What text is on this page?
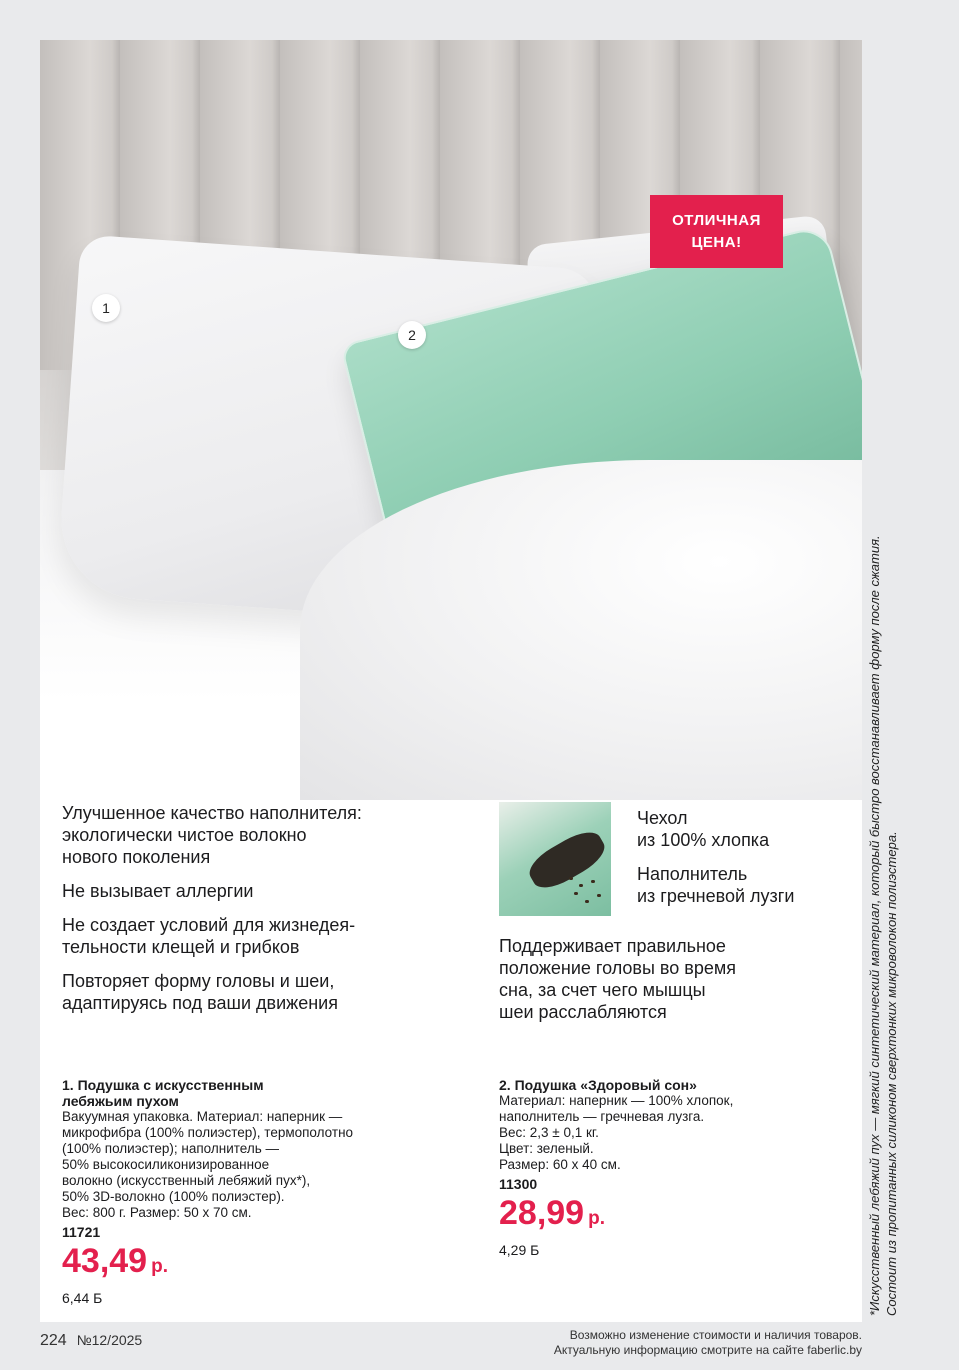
1
2
ОТЛИЧНАЯ
ЦЕНА!

Улучшенное качество наполнителя:
экологически чистое волокно
нового поколения

Не вызывает аллергии

Не создает условий для жизнедея-
тельности клещей и грибков

Повторяет форму головы и шеи,
адаптируясь под ваши движения

Чехол
из 100% хлопка

Наполнитель
из гречневой лузги

Поддерживает правильное
положение головы во время
сна, за счет чего мышцы
шеи расслабляются

1. Подушка с искусственным
лебяжьим пухом

Вакуумная упаковка. Материал: наперник —
микрофибра (100% полиэстер), термополотно
(100% полиэстер); наполнитель —
50% высокосиликонизированное
волокно (искусственный лебяжий пух*),
50% 3D-волокно (100% полиэстер).
Вес: 800 г. Размер: 50 х 70 см.

11721

43,49 р.

6,44 Б

2. Подушка «Здоровый сон»

Материал: наперник — 100% хлопок,
наполнитель — гречневая лузга.
Вес: 2,3 ± 0,1 кг.
Цвет: зеленый.
Размер: 60 х 40 см.

11300

28,99 р.

4,29 Б	*Искусственный лебяжий пух — мягкий синтетический материал, который быстро восстанавливает форму после сжатия.
Состоит из пропитанных силиконом сверхтонких микроволокон полиэстера.
224 №12/2025	Возможно изменение стоимости и наличия товаров.
Актуальную информацию смотрите на сайте faberlic.by
